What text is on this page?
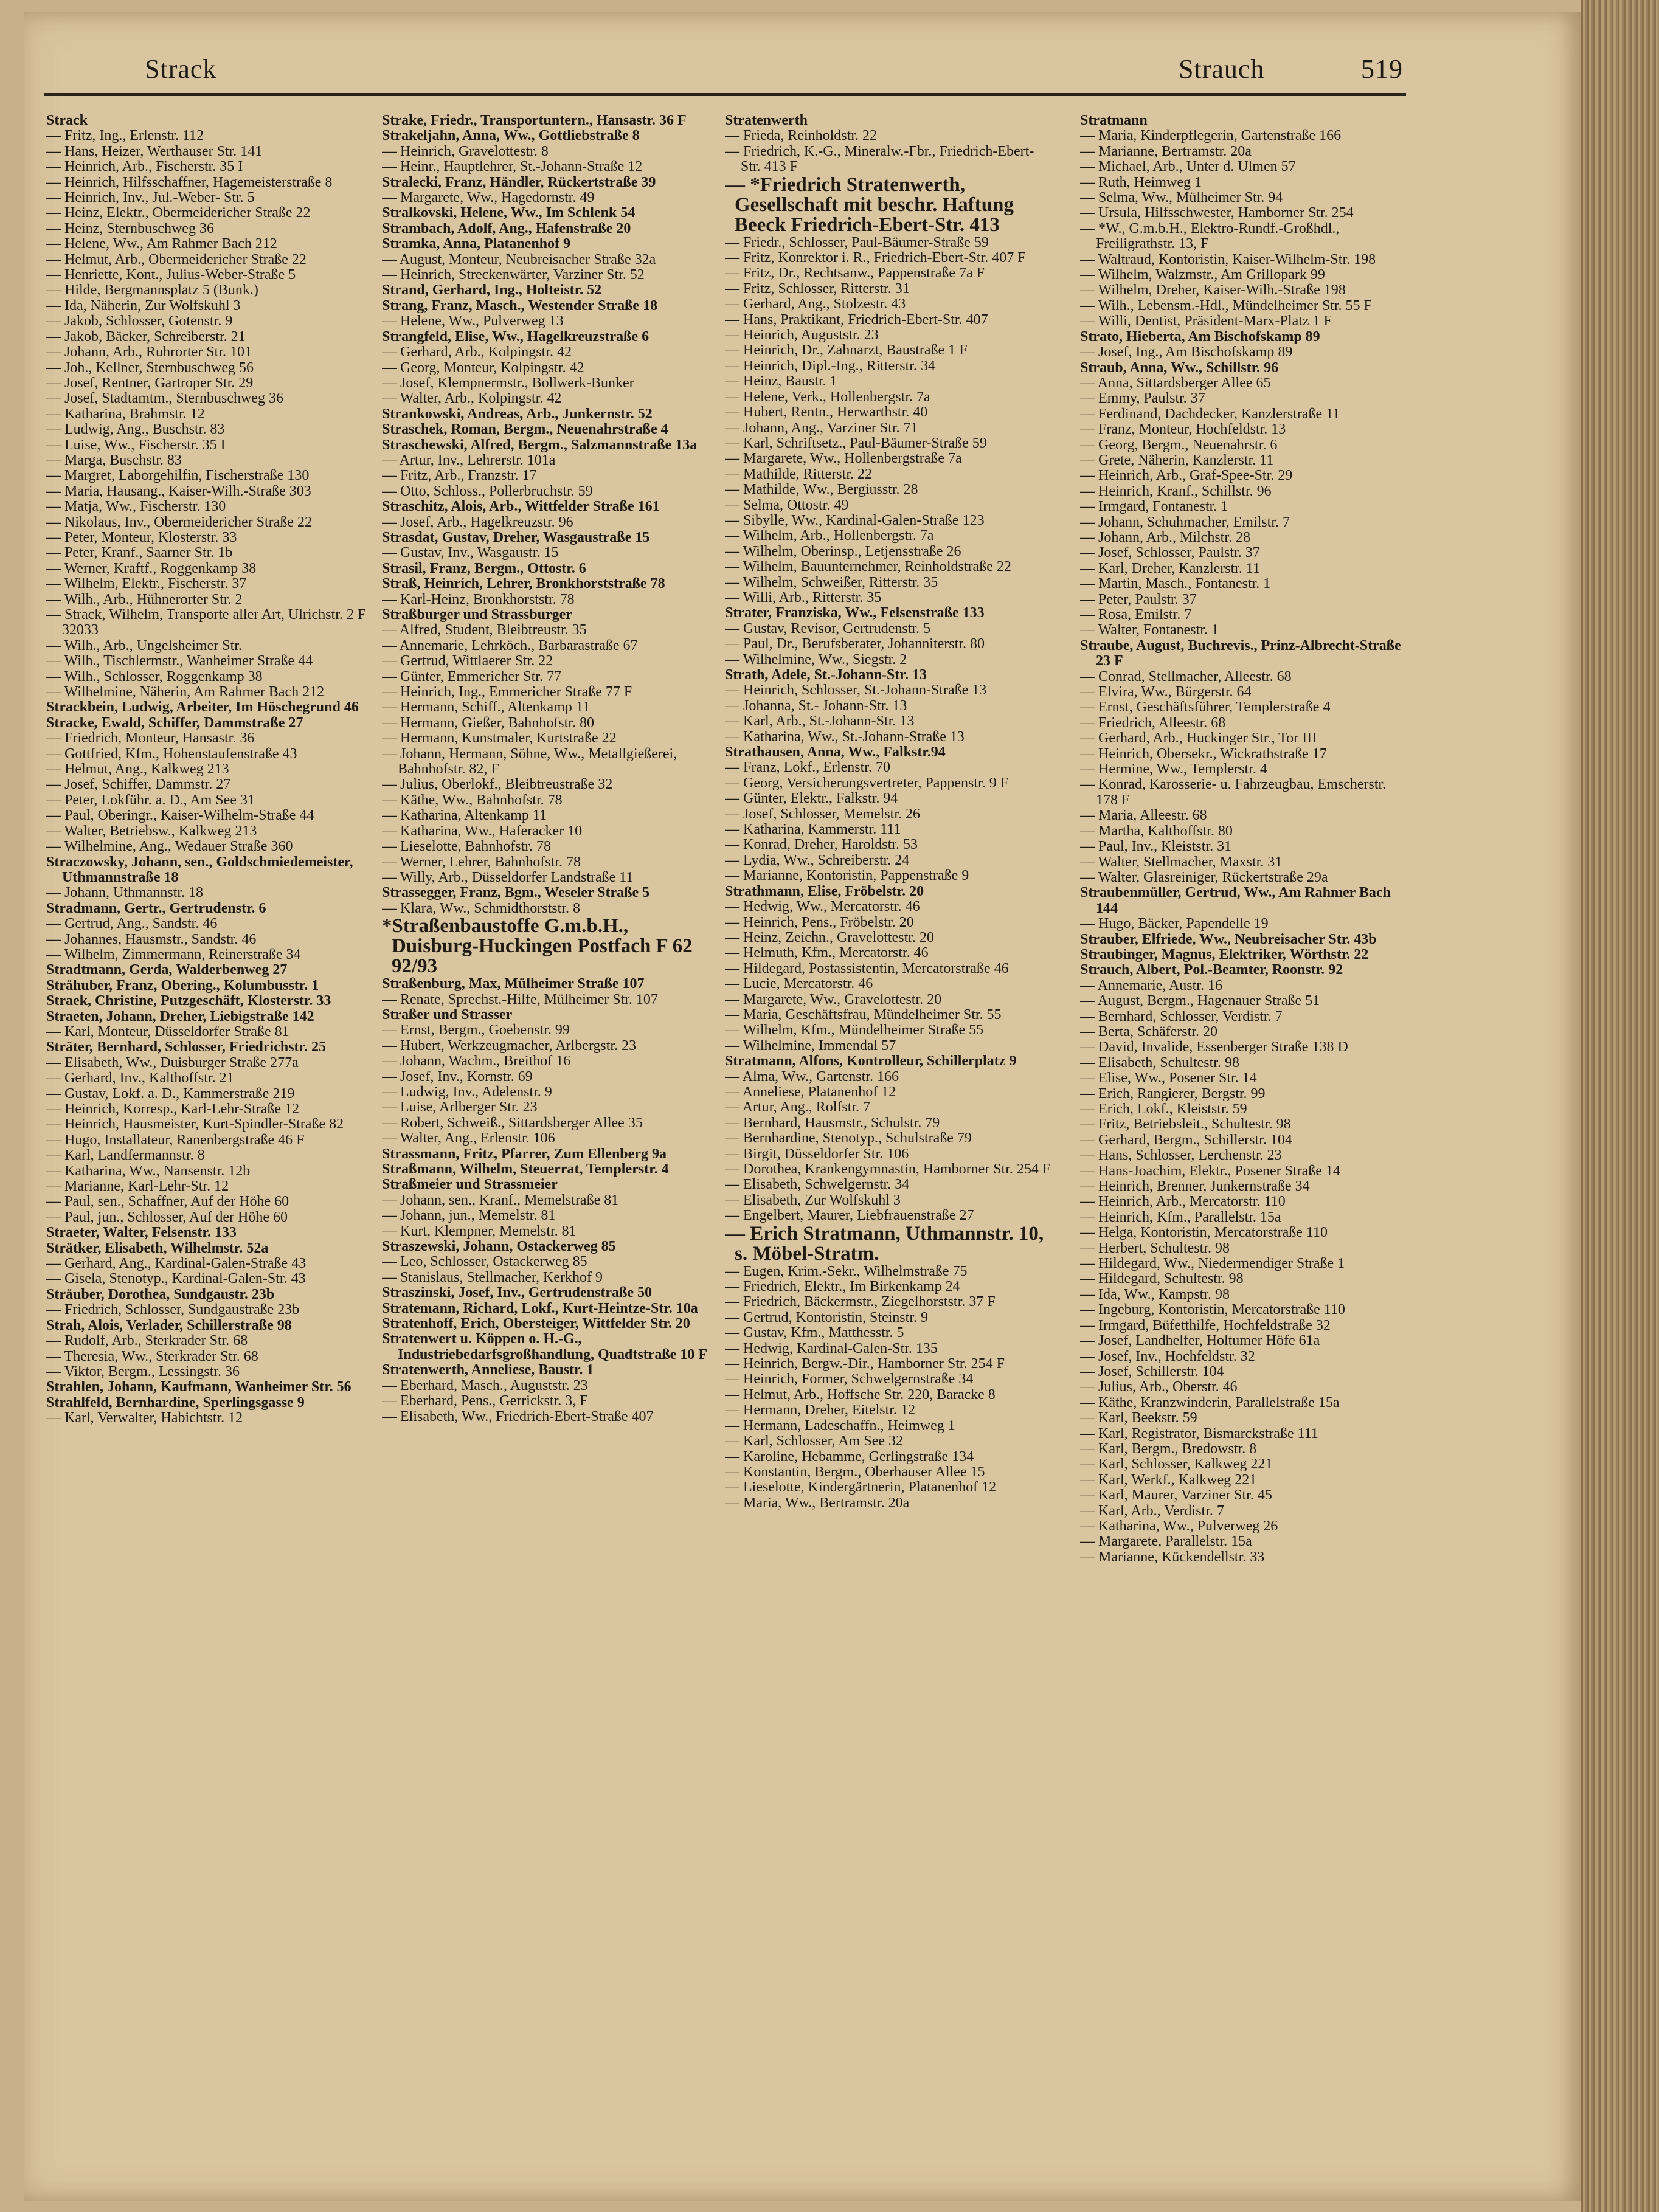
Strack	Strauch	519
Strack
— Fritz, Ing., Erlenstr. 112
— Hans, Heizer, Werthauser Str. 141
— Heinrich, Arb., Fischerstr. 35 I
— Heinrich, Hilfsschaffner, Hagemeisterstraße 8
— Heinrich, Inv., Jul.-Weber- Str. 5
— Heinz, Elektr., Obermeidericher Straße 22
— Heinz, Sternbuschweg 36
— Helene, Ww., Am Rahmer Bach 212
— Helmut, Arb., Obermeidericher Straße 22
— Henriette, Kont., Julius-Weber-Straße 5
— Hilde, Bergmannsplatz 5 (Bunk.)
— Ida, Näherin, Zur Wolfskuhl 3
— Jakob, Schlosser, Gotenstr. 9
— Jakob, Bäcker, Schreiberstr. 21
— Johann, Arb., Ruhrorter Str. 101
— Joh., Kellner, Sternbuschweg 56
— Josef, Rentner, Gartroper Str. 29
— Josef, Stadtamtm., Sternbuschweg 36
— Katharina, Brahmstr. 12
— Ludwig, Ang., Buschstr. 83
— Luise, Ww., Fischerstr. 35 I
— Marga, Buschstr. 83
— Margret, Laborgehilfin, Fischerstraße 130
— Maria, Hausang., Kaiser-Wilh.-Straße 303
— Matja, Ww., Fischerstr. 130
— Nikolaus, Inv., Obermeidericher Straße 22
— Peter, Monteur, Klosterstr. 33
— Peter, Kranf., Saarner Str. 1b
— Werner, Kraftf., Roggenkamp 38
— Wilhelm, Elektr., Fischerstr. 37
— Wilh., Arb., Hühnerorter Str. 2
— Strack, Wilhelm, Transporte aller Art, Ulrichstr. 2 F 32033
— Wilh., Arb., Ungelsheimer Str.
— Wilh., Tischlermstr., Wanheimer Straße 44
— Wilh., Schlosser, Roggenkamp 38
— Wilhelmine, Näherin, Am Rahmer Bach 212
Strackbein, Ludwig, Arbeiter, Im Höschegrund 46
Stracke, Ewald, Schiffer, Dammstraße 27
— Friedrich, Monteur, Hansastr. 36
— Gottfried, Kfm., Hohenstaufenstraße 43
— Helmut, Ang., Kalkweg 213
— Josef, Schiffer, Dammstr. 27
— Peter, Lokführ. a. D., Am See 31
— Paul, Oberingr., Kaiser-Wilhelm-Straße 44
— Walter, Betriebsw., Kalkweg 213
— Wilhelmine, Ang., Wedauer Straße 360
Straczowsky, Johann, sen., Goldschmiedemeister, Uthmannstraße 18
— Johann, Uthmannstr. 18
Stradmann, Gertr., Gertrudenstr. 6
— Gertrud, Ang., Sandstr. 46
— Johannes, Hausmstr., Sandstr. 46
— Wilhelm, Zimmermann, Reinerstraße 34
Stradtmann, Gerda, Walderbenweg 27
Strähuber, Franz, Obering., Kolumbusstr. 1
Straek, Christine, Putzgeschäft, Klosterstr. 33
Straeten, Johann, Dreher, Liebigstraße 142
— Karl, Monteur, Düsseldorfer Straße 81
Sträter, Bernhard, Schlosser, Friedrichstr. 25
— Elisabeth, Ww., Duisburger Straße 277a
— Gerhard, Inv., Kalthoffstr. 21
— Gustav, Lokf. a. D., Kammerstraße 219
— Heinrich, Korresp., Karl-Lehr-Straße 12
— Heinrich, Hausmeister, Kurt-Spindler-Straße 82
— Hugo, Installateur, Ranenbergstraße 46 F
— Karl, Landfermannstr. 8
— Katharina, Ww., Nansenstr. 12b
— Marianne, Karl-Lehr-Str. 12
— Paul, sen., Schaffner, Auf der Höhe 60
— Paul, jun., Schlosser, Auf der Höhe 60
Straeter, Walter, Felsenstr. 133
Strätker, Elisabeth, Wilhelmstr. 52a
— Gerhard, Ang., Kardinal-Galen-Straße 43
— Gisela, Stenotyp., Kardinal-Galen-Str. 43
Sträuber, Dorothea, Sundgaustr. 23b
— Friedrich, Schlosser, Sundgaustraße 23b
Strah, Alois, Verlader, Schillerstraße 98
— Rudolf, Arb., Sterkrader Str. 68
— Theresia, Ww., Sterkrader Str. 68
— Viktor, Bergm., Lessingstr. 36
Strahlen, Johann, Kaufmann, Wanheimer Str. 56
Strahlfeld, Bernhardine, Sperlingsgasse 9
— Karl, Verwalter, Habichtstr. 12
Strake, Friedr., Transportuntern., Hansastr. 36 F
Strakeljahn, Anna, Ww., Gottliebstraße 8
— Heinrich, Gravelottestr. 8
— Heinr., Hauptlehrer, St.-Johann-Straße 12
Stralecki, Franz, Händler, Rückertstraße 39
— Margarete, Ww., Hagedornstr. 49
Stralkovski, Helene, Ww., Im Schlenk 54
Strambach, Adolf, Ang., Hafenstraße 20
Stramka, Anna, Platanenhof 9
— August, Monteur, Neubreisacher Straße 32a
— Heinrich, Streckenwärter, Varziner Str. 52
Strand, Gerhard, Ing., Holteistr. 52
Strang, Franz, Masch., Westender Straße 18
— Helene, Ww., Pulverweg 13
Strangfeld, Elise, Ww., Hagelkreuzstraße 6
— Gerhard, Arb., Kolpingstr. 42
— Georg, Monteur, Kolpingstr. 42
— Josef, Klempnermstr., Bollwerk-Bunker
— Walter, Arb., Kolpingstr. 42
Strankowski, Andreas, Arb., Junkernstr. 52
Straschek, Roman, Bergm., Neuenahrstraße 4
Straschewski, Alfred, Bergm., Salzmannstraße 13a
— Artur, Inv., Lehrerstr. 101a
— Fritz, Arb., Franzstr. 17
— Otto, Schloss., Pollerbruchstr. 59
Straschitz, Alois, Arb., Wittfelder Straße 161
— Josef, Arb., Hagelkreuzstr. 96
Strasdat, Gustav, Dreher, Wasgaustraße 15
— Gustav, Inv., Wasgaustr. 15
Strasil, Franz, Bergm., Ottostr. 6
Straß, Heinrich, Lehrer, Bronkhorststraße 78
— Karl-Heinz, Bronkhorststr. 78
Straßburger und Strassburger
— Alfred, Student, Bleibtreustr. 35
— Annemarie, Lehrköch., Barbarastraße 67
— Gertrud, Wittlaerer Str. 22
— Günter, Emmericher Str. 77
— Heinrich, Ing., Emmericher Straße 77 F
— Hermann, Schiff., Altenkamp 11
— Hermann, Gießer, Bahnhofstr. 80
— Hermann, Kunstmaler, Kurtstraße 22
— Johann, Hermann, Söhne, Ww., Metallgießerei, Bahnhofstr. 82, F
— Julius, Oberlokf., Bleibtreustraße 32
— Käthe, Ww., Bahnhofstr. 78
— Katharina, Altenkamp 11
— Katharina, Ww., Haferacker 10
— Lieselotte, Bahnhofstr. 78
— Werner, Lehrer, Bahnhofstr. 78
— Willy, Arb., Düsseldorfer Landstraße 11
Strassegger, Franz, Bgm., Weseler Straße 5
— Klara, Ww., Schmidthorststr. 8
*Straßenbaustoffe G.m.b.H., Duisburg-Huckingen Postfach F 62 92/93
Straßenburg, Max, Mülheimer Straße 107
— Renate, Sprechst.-Hilfe, Mülheimer Str. 107
Straßer und Strasser
— Ernst, Bergm., Goebenstr. 99
— Hubert, Werkzeugmacher, Arlbergstr. 23
— Johann, Wachm., Breithof 16
— Josef, Inv., Kornstr. 69
— Ludwig, Inv., Adelenstr. 9
— Luise, Arlberger Str. 23
— Robert, Schweiß., Sittardsberger Allee 35
— Walter, Ang., Erlenstr. 106
Strassmann, Fritz, Pfarrer, Zum Ellenberg 9a
Straßmann, Wilhelm, Steuerrat, Templerstr. 4
Straßmeier und Strassmeier
— Johann, sen., Kranf., Memelstraße 81
— Johann, jun., Memelstr. 81
— Kurt, Klempner, Memelstr. 81
Straszewski, Johann, Ostackerweg 85
— Leo, Schlosser, Ostackerweg 85
— Stanislaus, Stellmacher, Kerkhof 9
Straszinski, Josef, Inv., Gertrudenstraße 50
Stratemann, Richard, Lokf., Kurt-Heintze-Str. 10a
Stratenhoff, Erich, Obersteiger, Wittfelder Str. 20
Stratenwert u. Köppen o. H.-G., Industriebedarfsgroßhandlung, Quadtstraße 10 F
Stratenwerth, Anneliese, Baustr. 1
— Eberhard, Masch., Auguststr. 23
— Eberhard, Pens., Gerrickstr. 3, F
— Elisabeth, Ww., Friedrich-Ebert-Straße 407
Stratenwerth
— Frieda, Reinholdstr. 22
— Friedrich, K.-G., Mineralw.-Fbr., Friedrich-Ebert-Str. 413 F
— *Friedrich Stratenwerth, Gesellschaft mit beschr. Haftung Beeck Friedrich-Ebert-Str. 413
— Friedr., Schlosser, Paul-Bäumer-Straße 59
— Fritz, Konrektor i. R., Friedrich-Ebert-Str. 407 F
— Fritz, Dr., Rechtsanw., Pappenstraße 7a F
— Fritz, Schlosser, Ritterstr. 31
— Gerhard, Ang., Stolzestr. 43
— Hans, Praktikant, Friedrich-Ebert-Str. 407
— Heinrich, Auguststr. 23
— Heinrich, Dr., Zahnarzt, Baustraße 1 F
— Heinrich, Dipl.-Ing., Ritterstr. 34
— Heinz, Baustr. 1
— Helene, Verk., Hollenbergstr. 7a
— Hubert, Rentn., Herwarthstr. 40
— Johann, Ang., Varziner Str. 71
— Karl, Schriftsetz., Paul-Bäumer-Straße 59
— Margarete, Ww., Hollenbergstraße 7a
— Mathilde, Ritterstr. 22
— Mathilde, Ww., Bergiusstr. 28
— Selma, Ottostr. 49
— Sibylle, Ww., Kardinal-Galen-Straße 123
— Wilhelm, Arb., Hollenbergstr. 7a
— Wilhelm, Oberinsp., Letjensstraße 26
— Wilhelm, Bauunternehmer, Reinholdstraße 22
— Wilhelm, Schweißer, Ritterstr. 35
— Willi, Arb., Ritterstr. 35
Strater, Franziska, Ww., Felsenstraße 133
— Gustav, Revisor, Gertrudenstr. 5
— Paul, Dr., Berufsberater, Johanniterstr. 80
— Wilhelmine, Ww., Siegstr. 2
Strath, Adele, St.-Johann-Str. 13
— Heinrich, Schlosser, St.-Johann-Straße 13
— Johanna, St.- Johann-Str. 13
— Karl, Arb., St.-Johann-Str. 13
— Katharina, Ww., St.-Johann-Straße 13
Strathausen, Anna, Ww., Falkstr.94
— Franz, Lokf., Erlenstr. 70
— Georg, Versicherungsvertreter, Pappenstr. 9 F
— Günter, Elektr., Falkstr. 94
— Josef, Schlosser, Memelstr. 26
— Katharina, Kammerstr. 111
— Konrad, Dreher, Haroldstr. 53
— Lydia, Ww., Schreiberstr. 24
— Marianne, Kontoristin, Pappenstraße 9
Strathmann, Elise, Fröbelstr. 20
— Hedwig, Ww., Mercatorstr. 46
— Heinrich, Pens., Fröbelstr. 20
— Heinz, Zeichn., Gravelottestr. 20
— Helmuth, Kfm., Mercatorstr. 46
— Hildegard, Postassistentin, Mercatorstraße 46
— Lucie, Mercatorstr. 46
— Margarete, Ww., Gravelottestr. 20
— Maria, Geschäftsfrau, Mündelheimer Str. 55
— Wilhelm, Kfm., Mündelheimer Straße 55
— Wilhelmine, Immendal 57
Stratmann, Alfons, Kontrolleur, Schillerplatz 9
— Alma, Ww., Gartenstr. 166
— Anneliese, Platanenhof 12
— Artur, Ang., Rolfstr. 7
— Bernhard, Hausmstr., Schulstr. 79
— Bernhardine, Stenotyp., Schulstraße 79
— Birgit, Düsseldorfer Str. 106
— Dorothea, Krankengymnastin, Hamborner Str. 254 F
— Elisabeth, Schwelgernstr. 34
— Elisabeth, Zur Wolfskuhl 3
— Engelbert, Maurer, Liebfrauenstraße 27
— Erich Stratmann, Uthmannstr. 10, s. Möbel-Stratm.
— Eugen, Krim.-Sekr., Wilhelmstraße 75
— Friedrich, Elektr., Im Birkenkamp 24
— Friedrich, Bäckermstr., Ziegelhorststr. 37 F
— Gertrud, Kontoristin, Steinstr. 9
— Gustav, Kfm., Matthesstr. 5
— Hedwig, Kardinal-Galen-Str. 135
— Heinrich, Bergw.-Dir., Hamborner Str. 254 F
— Heinrich, Former, Schwelgernstraße 34
— Helmut, Arb., Hoffsche Str. 220, Baracke 8
— Hermann, Dreher, Eitelstr. 12
— Hermann, Ladeschaffn., Heimweg 1
— Karl, Schlosser, Am See 32
— Karoline, Hebamme, Gerlingstraße 134
— Konstantin, Bergm., Oberhauser Allee 15
— Lieselotte, Kindergärtnerin, Platanenhof 12
— Maria, Ww., Bertramstr. 20a
Stratmann
— Maria, Kinderpflegerin, Gartenstraße 166
— Marianne, Bertramstr. 20a
— Michael, Arb., Unter d. Ulmen 57
— Ruth, Heimweg 1
— Selma, Ww., Mülheimer Str. 94
— Ursula, Hilfsschwester, Hamborner Str. 254
— *W., G.m.b.H., Elektro-Rundf.-Großhdl., Freiligrathstr. 13, F
— Waltraud, Kontoristin, Kaiser-Wilhelm-Str. 198
— Wilhelm, Walzmstr., Am Grillopark 99
— Wilhelm, Dreher, Kaiser-Wilh.-Straße 198
— Wilh., Lebensm.-Hdl., Mündelheimer Str. 55 F
— Willi, Dentist, Präsident-Marx-Platz 1 F
Strato, Hieberta, Am Bischofskamp 89
— Josef, Ing., Am Bischofskamp 89
Straub, Anna, Ww., Schillstr. 96
— Anna, Sittardsberger Allee 65
— Emmy, Paulstr. 37
— Ferdinand, Dachdecker, Kanzlerstraße 11
— Franz, Monteur, Hochfeldstr. 13
— Georg, Bergm., Neuenahrstr. 6
— Grete, Näherin, Kanzlerstr. 11
— Heinrich, Arb., Graf-Spee-Str. 29
— Heinrich, Kranf., Schillstr. 96
— Irmgard, Fontanestr. 1
— Johann, Schuhmacher, Emilstr. 7
— Johann, Arb., Milchstr. 28
— Josef, Schlosser, Paulstr. 37
— Karl, Dreher, Kanzlerstr. 11
— Martin, Masch., Fontanestr. 1
— Peter, Paulstr. 37
— Rosa, Emilstr. 7
— Walter, Fontanestr. 1
Straube, August, Buchrevis., Prinz-Albrecht-Straße 23 F
— Conrad, Stellmacher, Alleestr. 68
— Elvira, Ww., Bürgerstr. 64
— Ernst, Geschäftsführer, Templerstraße 4
— Friedrich, Alleestr. 68
— Gerhard, Arb., Huckinger Str., Tor III
— Heinrich, Obersekr., Wickrathstraße 17
— Hermine, Ww., Templerstr. 4
— Konrad, Karosserie- u. Fahrzeugbau, Emscherstr. 178 F
— Maria, Alleestr. 68
— Martha, Kalthoffstr. 80
— Paul, Inv., Kleiststr. 31
— Walter, Stellmacher, Maxstr. 31
— Walter, Glasreiniger, Rückertstraße 29a
Straubenmüller, Gertrud, Ww., Am Rahmer Bach 144
— Hugo, Bäcker, Papendelle 19
Strauber, Elfriede, Ww., Neubreisacher Str. 43b
Straubinger, Magnus, Elektriker, Wörthstr. 22
Strauch, Albert, Pol.-Beamter, Roonstr. 92
— Annemarie, Austr. 16
— August, Bergm., Hagenauer Straße 51
— Bernhard, Schlosser, Verdistr. 7
— Berta, Schäferstr. 20
— David, Invalide, Essenberger Straße 138 D
— Elisabeth, Schultestr. 98
— Elise, Ww., Posener Str. 14
— Erich, Rangierer, Bergstr. 99
— Erich, Lokf., Kleiststr. 59
— Fritz, Betriebsleit., Schultestr. 98
— Gerhard, Bergm., Schillerstr. 104
— Hans, Schlosser, Lerchenstr. 23
— Hans-Joachim, Elektr., Posener Straße 14
— Heinrich, Brenner, Junkernstraße 34
— Heinrich, Arb., Mercatorstr. 110
— Heinrich, Kfm., Parallelstr. 15a
— Helga, Kontoristin, Mercatorstraße 110
— Herbert, Schultestr. 98
— Hildegard, Ww., Niedermendiger Straße 1
— Hildegard, Schultestr. 98
— Ida, Ww., Kampstr. 98
— Ingeburg, Kontoristin, Mercatorstraße 110
— Irmgard, Büfetthilfe, Hochfeldstraße 32
— Josef, Landhelfer, Holtumer Höfe 61a
— Josef, Inv., Hochfeldstr. 32
— Josef, Schillerstr. 104
— Julius, Arb., Oberstr. 46
— Käthe, Kranzwinderin, Parallelstraße 15a
— Karl, Beekstr. 59
— Karl, Registrator, Bismarckstraße 111
— Karl, Bergm., Bredowstr. 8
— Karl, Schlosser, Kalkweg 221
— Karl, Werkf., Kalkweg 221
— Karl, Maurer, Varziner Str. 45
— Karl, Arb., Verdistr. 7
— Katharina, Ww., Pulverweg 26
— Margarete, Parallelstr. 15a
— Marianne, Kückendellstr. 33
